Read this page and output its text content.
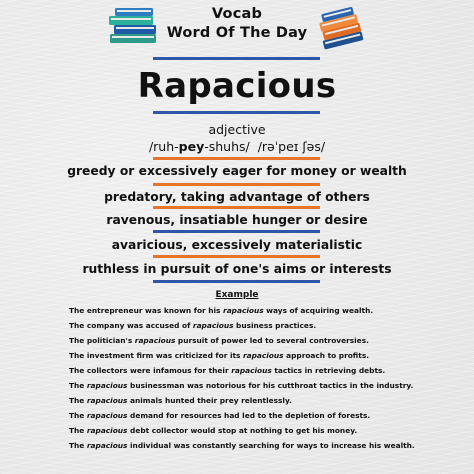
Vocab
Word Of The Day
Rapacious
adjective
/ruh-pey-shuhs/ /rəˈpeɪ ʃəs/
greedy or excessively eager for money or wealth
predatory, taking advantage of others
ravenous, insatiable hunger or desire
avaricious, excessively materialistic
ruthless in pursuit of one's aims or interests
Example
The entrepreneur was known for his rapacious ways of acquiring wealth.
The company was accused of rapacious business practices.
The politician's rapacious pursuit of power led to several controversies.
The investment firm was criticized for its rapacious approach to profits.
The collectors were infamous for their rapacious tactics in retrieving debts.
The rapacious businessman was notorious for his cutthroat tactics in the industry.
The rapacious animals hunted their prey relentlessly.
The rapacious demand for resources had led to the depletion of forests.
The rapacious debt collector would stop at nothing to get his money.
The rapacious individual was constantly searching for ways to increase his wealth.
